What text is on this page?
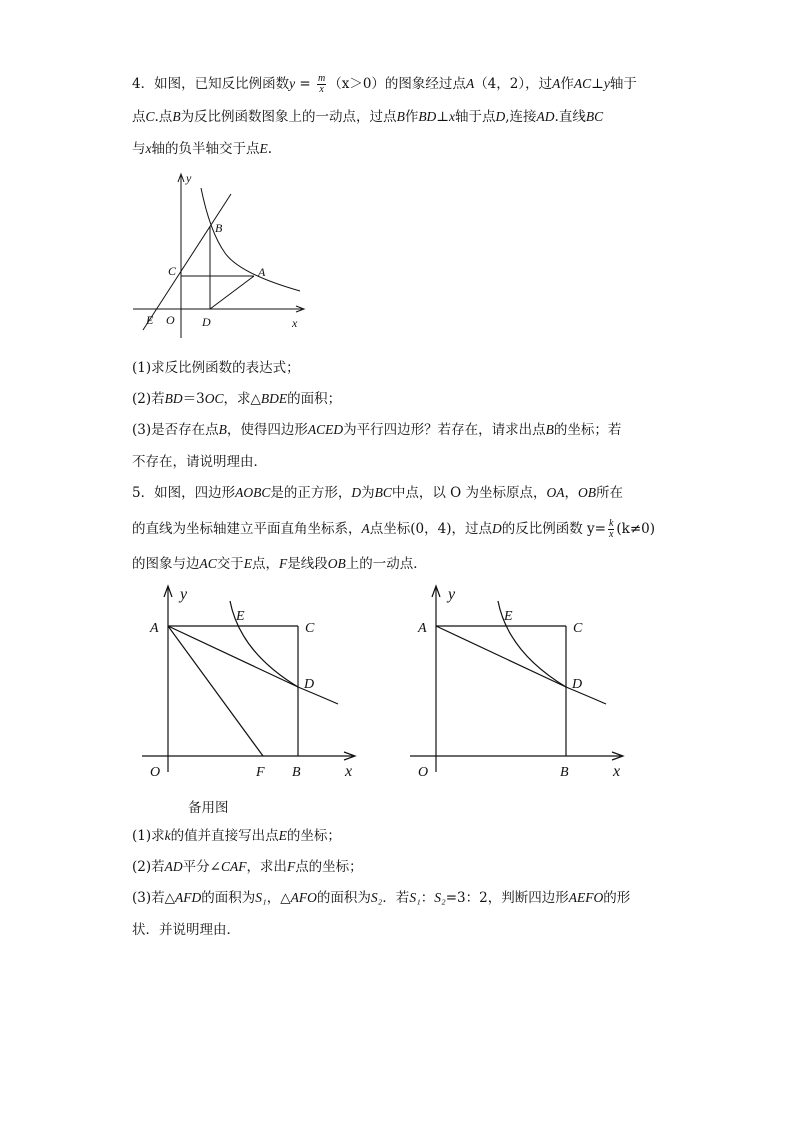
4．如图，已知反比例函数$y = \frac{m}{x} (x>0)$的图象经过点A（4，2），过A作AC⊥y轴于
点C.点B为反比例函数图象上的一动点，过点B作BD⊥x轴于点D,连接AD.直线BC
与x轴的负半轴交于点E.
y
x
B
C	A
E O D
(1)求反比例函数的表达式；
(2)若BD＝3OC，求△BDE的面积；
(3)是否存在点B，使得四边形ACED为平行四边形？若存在，请求出点B的坐标；若
不存在，请说明理由．
5．如图，四边形AOBC是的正方形，D为BC中点，以 O 为坐标原点，OA，OB所在
的直线为坐标轴建立平面直角坐标系，A点坐标(0，4)，过点D的反比例函数 $y= \frac{k}{x} (k\ne 0)$
的图象与边AC交于E点，F是线段OB上的一动点．
y
x
A
E
C
D
O	F B
y
x
A
E
C
D
O	B
备用图
(1)求k的值并直接写出点E的坐标；
(2)若AD平分∠CAF，求出F点的坐标；
(3)若△AFD的面积为S₁，△AFO的面积为S₂．若S₁：S₂=3：2，判断四边形AEFO的形
状．并说明理由．
